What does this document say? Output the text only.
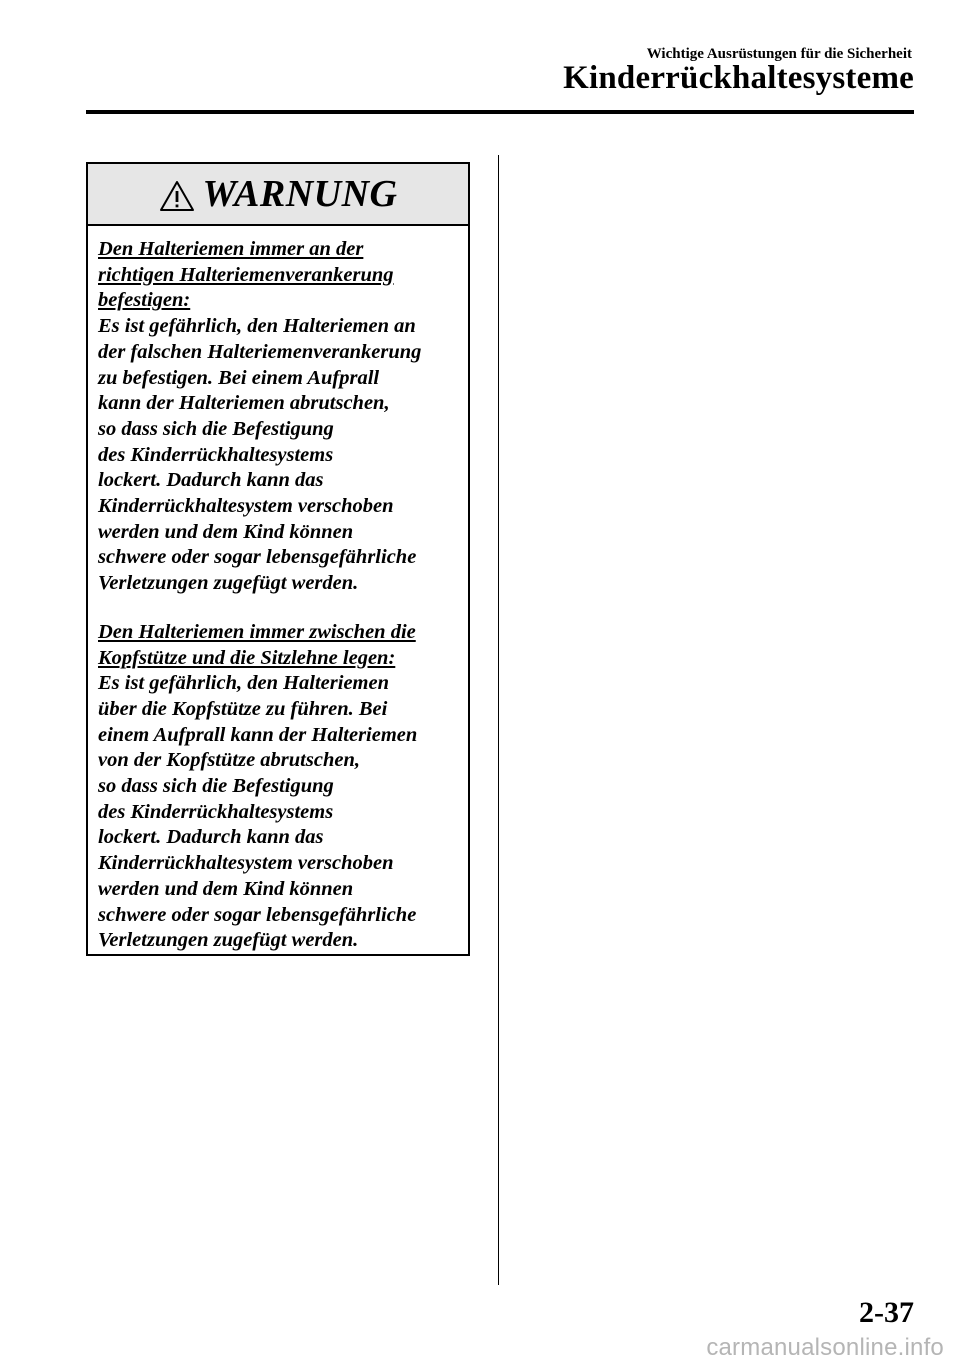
Wichtige Ausrüstungen für die Sicherheit
Kinderrückhaltesysteme
WARNUNG

Den Halteriemen immer an der
richtigen Halteriemenverankerung
befestigen:
Es ist gefährlich, den Halteriemen an
der falschen Halteriemenverankerung
zu befestigen. Bei einem Aufprall
kann der Halteriemen abrutschen,
so dass sich die Befestigung
des Kinderrückhaltesystems
lockert. Dadurch kann das
Kinderrückhaltesystem verschoben
werden und dem Kind können
schwere oder sogar lebensgefährliche
Verletzungen zugefügt werden.

Den Halteriemen immer zwischen die
Kopfstütze und die Sitzlehne legen:
Es ist gefährlich, den Halteriemen
über die Kopfstütze zu führen. Bei
einem Aufprall kann der Halteriemen
von der Kopfstütze abrutschen,
so dass sich die Befestigung
des Kinderrückhaltesystems
lockert. Dadurch kann das
Kinderrückhaltesystem verschoben
werden und dem Kind können
schwere oder sogar lebensgefährliche
Verletzungen zugefügt werden.

2-37
carmanualsonline.info
